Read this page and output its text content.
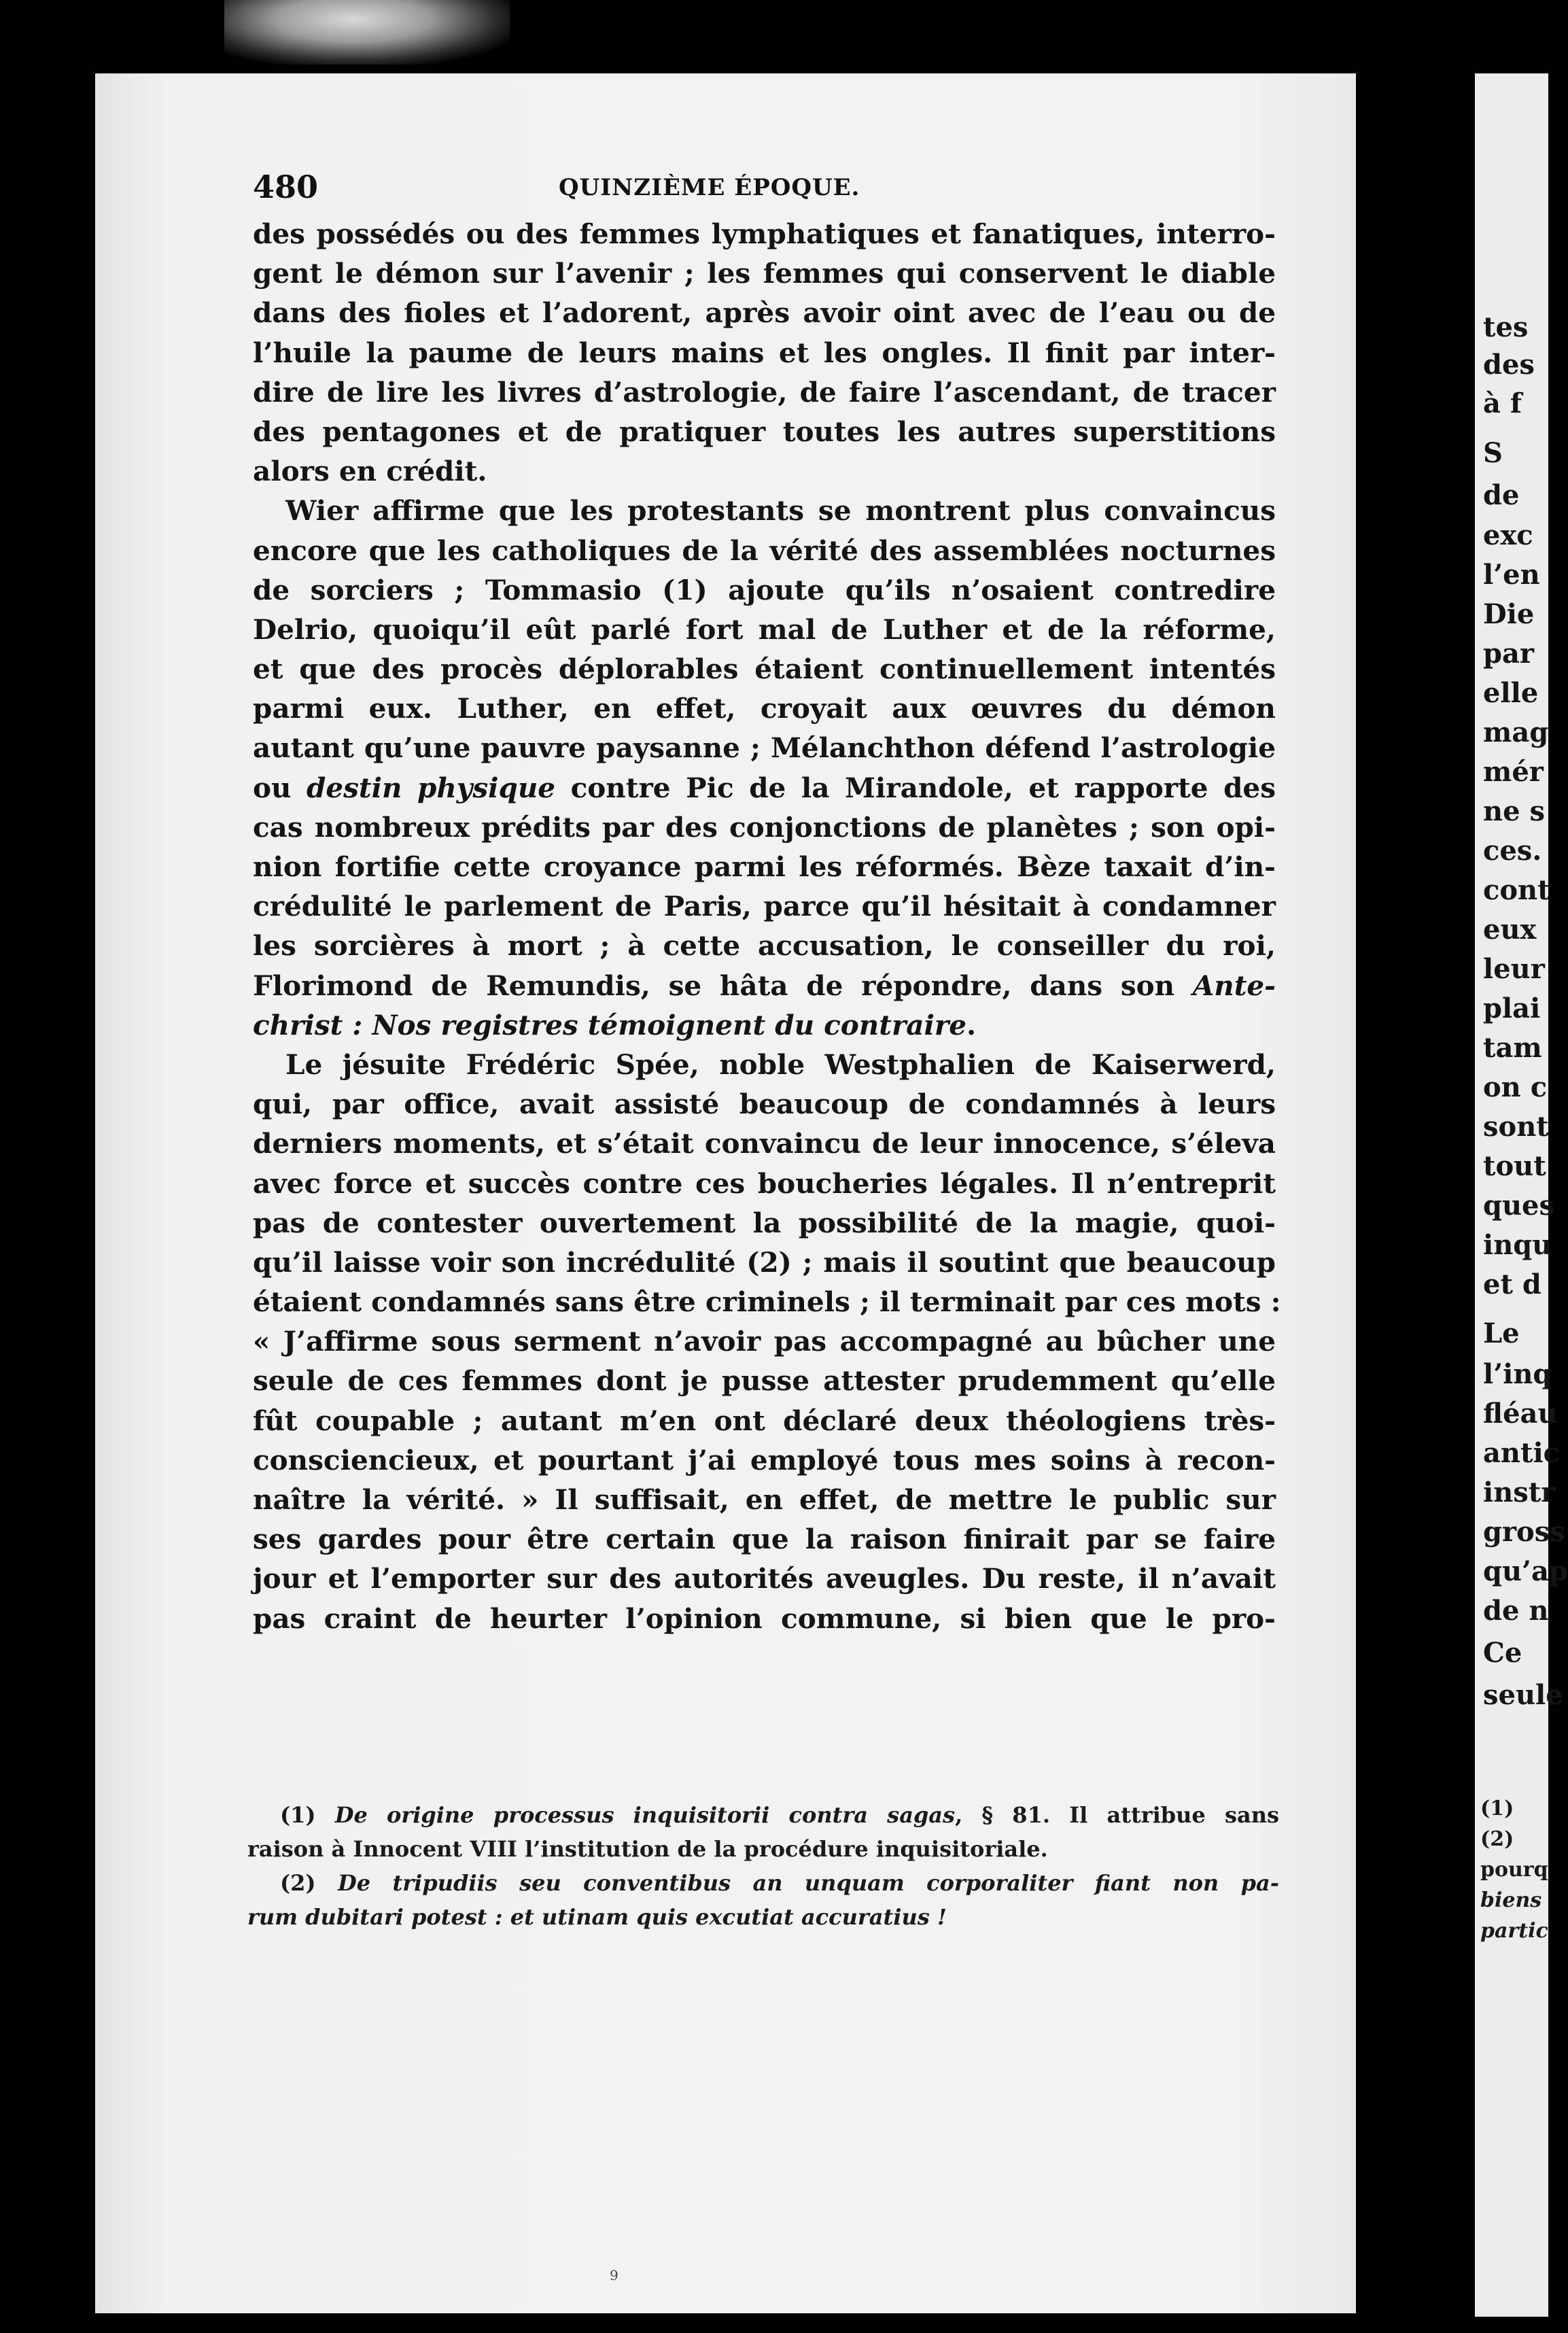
480	QUINZIÈME ÉPOQUE.
des possédés ou des femmes lymphatiques et fanatiques, interro-
gent le démon sur l’avenir ; les femmes qui conservent le diable
dans des fioles et l’adorent, après avoir oint avec de l’eau ou de
l’huile la paume de leurs mains et les ongles. Il finit par inter-
dire de lire les livres d’astrologie, de faire l’ascendant, de tracer
des pentagones et de pratiquer toutes les autres superstitions
alors en crédit.
Wier affirme que les protestants se montrent plus convaincus
encore que les catholiques de la vérité des assemblées nocturnes
de sorciers ; Tommasio (1) ajoute qu’ils n’osaient contredire
Delrio, quoiqu’il eût parlé fort mal de Luther et de la réforme,
et que des procès déplorables étaient continuellement intentés
parmi eux. Luther, en effet, croyait aux œuvres du démon
autant qu’une pauvre paysanne ; Mélanchthon défend l’astrologie
ou destin physique contre Pic de la Mirandole, et rapporte des
cas nombreux prédits par des conjonctions de planètes ; son opi-
nion fortifie cette croyance parmi les réformés. Bèze taxait d’in-
crédulité le parlement de Paris, parce qu’il hésitait à condamner
les sorcières à mort ; à cette accusation, le conseiller du roi,
Florimond de Remundis, se hâta de répondre, dans son Ante-
christ : Nos registres témoignent du contraire.
Le jésuite Frédéric Spée, noble Westphalien de Kaiserwerd,
qui, par office, avait assisté beaucoup de condamnés à leurs
derniers moments, et s’était convaincu de leur innocence, s’éleva
avec force et succès contre ces boucheries légales. Il n’entreprit
pas de contester ouvertement la possibilité de la magie, quoi-
qu’il laisse voir son incrédulité (2) ; mais il soutint que beaucoup
étaient condamnés sans être criminels ; il terminait par ces mots :
« J’affirme sous serment n’avoir pas accompagné au bûcher une
seule de ces femmes dont je pusse attester prudemment qu’elle
fût coupable ; autant m’en ont déclaré deux théologiens très-
consciencieux, et pourtant j’ai employé tous mes soins à recon-
naître la vérité. » Il suffisait, en effet, de mettre le public sur
ses gardes pour être certain que la raison finirait par se faire
jour et l’emporter sur des autorités aveugles. Du reste, il n’avait
pas craint de heurter l’opinion commune, si bien que le pro-
(1) De origine processus inquisitorii contra sagas, § 81. Il attribue sans
raison à Innocent VIII l’institution de la procédure inquisitoriale.
(2) De tripudiis seu conventibus an unquam corporaliter fiant non pa-
rum dubitari potest : et utinam quis excutiat accuratius !
9
tes
des
à f
S
de
exc
l’en
Die
par
elle
mag
mér
ne s
ces.
cont
eux
leur
plai
tam
on c
sont
tout
ques
inqu
et d
Le
l’inq
fléau
antic
instr
gross
qu’ap
de n
Ce
seule
(1)
(2)
pourq
biens
partic
